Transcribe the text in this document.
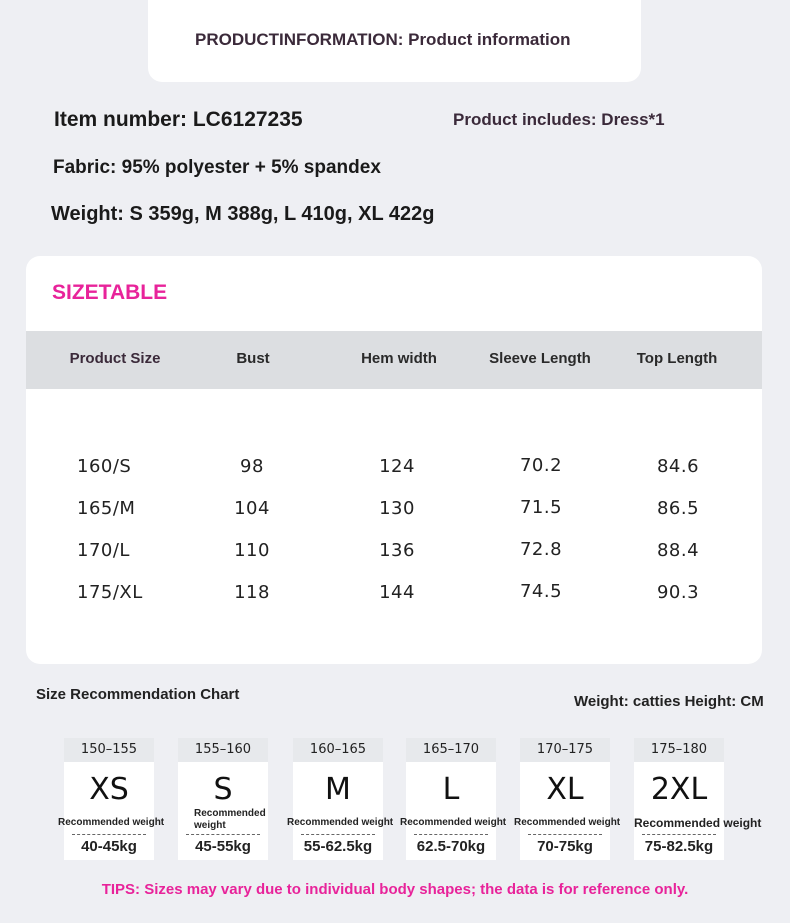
PRODUCTINFORMATION: Product information
Item number: LC6127235	Product includes: Dress*1
Fabric: 95% polyester + 5% spandex
Weight: S 359g, M 388g, L 410g, XL 422g
SIZETABLE
Product Size	Bust	Hem width	Sleeve Length	Top Length
160/S	98	124	70.2	84.6
165/M	104	130	71.5	86.5
170/L	110	136	72.8	88.4
175/XL	118	144	74.5	90.3
Size Recommendation Chart	Weight: catties Height: CM
150–155
XS
Recommended weight
40-45kg
155–160
S
Recommended weight
45-55kg
160–165
M
Recommended weight
55-62.5kg
165–170
L
Recommended weight
62.5-70kg
170–175
XL
Recommended weight
70-75kg
175–180
2XL
Recommended weight
75-82.5kg
TIPS: Sizes may vary due to individual body shapes; the data is for reference only.
